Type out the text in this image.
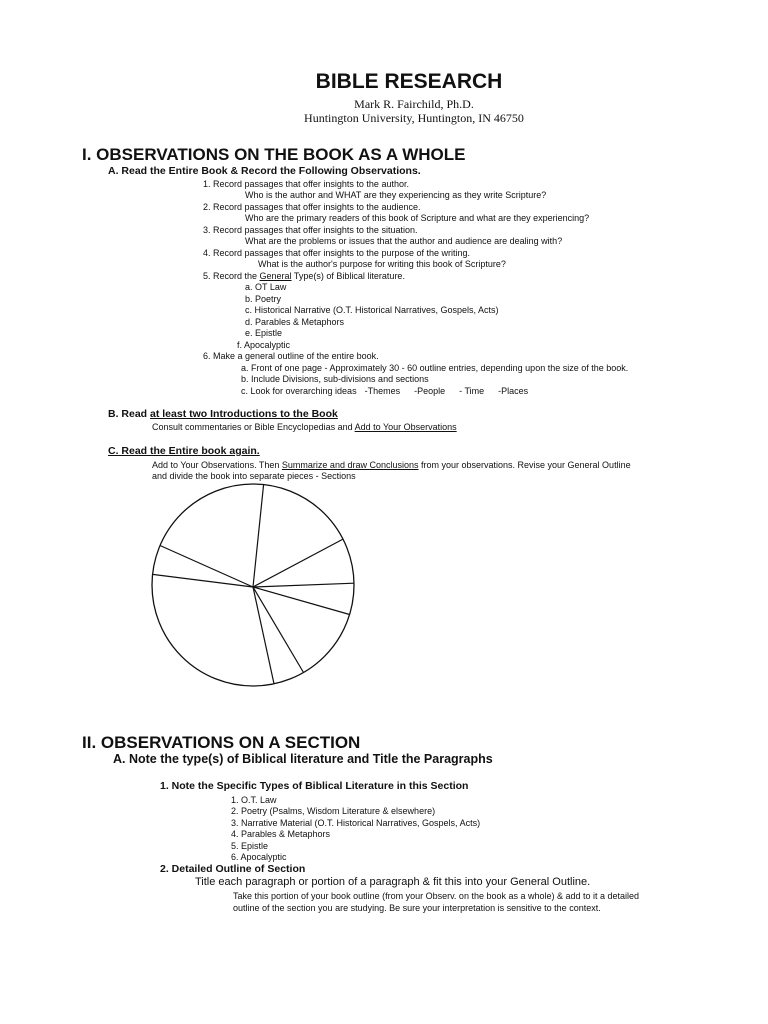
BIBLE RESEARCH
Mark R. Fairchild, Ph.D.
Huntington University, Huntington, IN 46750
I. OBSERVATIONS ON THE BOOK AS A WHOLE
A. Read the Entire Book & Record the Following Observations.
1. Record passages that offer insights to the author.
Who is the author and WHAT are they experiencing as they write Scripture?
2. Record passages that offer insights to the audience.
Who are the primary readers of this book of Scripture and what are they experiencing?
3. Record passages that offer insights to the situation.
What are the problems or issues that the author and audience are dealing with?
4. Record passages that offer insights to the purpose of the writing.
What is the author's purpose for writing this book of Scripture?
5. Record the General Type(s) of Biblical literature.
a. OT Law
b. Poetry
c. Historical Narrative (O.T. Historical Narratives, Gospels, Acts)
d. Parables & Metaphors
e. Epistle
f. Apocalyptic
6. Make a general outline of the entire book.
a. Front of one page - Approximately 30 - 60 outline entries, depending upon the size of the book.
b. Include Divisions, sub-divisions and sections
c. Look for overarching ideas -Themes -People - Time -Places
B. Read at least two Introductions to the Book
Consult commentaries or Bible Encyclopedias and Add to Your Observations
C. Read the Entire book again.
Add to Your Observations. Then Summarize and draw Conclusions from your observations. Revise your General Outline
and divide the book into separate pieces - Sections
II. OBSERVATIONS ON A SECTION
A. Note the type(s) of Biblical literature and Title the Paragraphs
1. Note the Specific Types of Biblical Literature in this Section
1. O.T. Law
2. Poetry (Psalms, Wisdom Literature & elsewhere)
3. Narrative Material (O.T. Historical Narratives, Gospels, Acts)
4. Parables & Metaphors
5. Epistle
6. Apocalyptic
2. Detailed Outline of Section
Title each paragraph or portion of a paragraph & fit this into your General Outline.
Take this portion of your book outline (from your Observ. on the book as a whole) & add to it a detailed
outline of the section you are studying. Be sure your interpretation is sensitive to the context.
